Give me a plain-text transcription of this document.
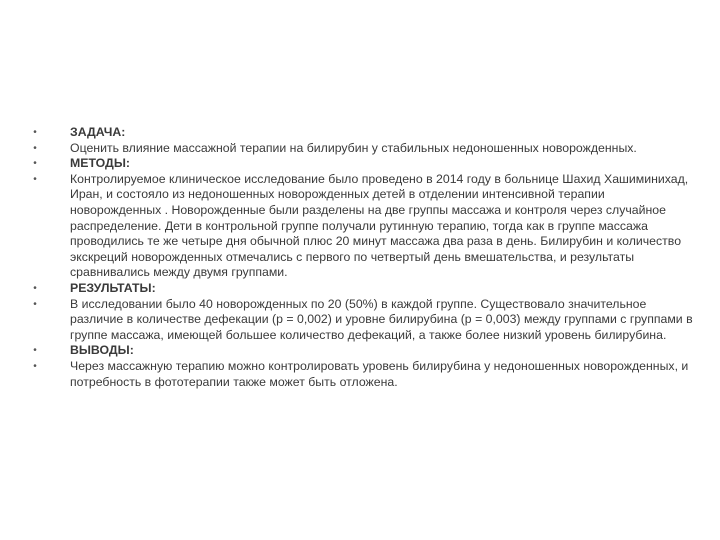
•	ЗАДАЧА:
•	Оценить влияние массажной терапии на билирубин у стабильных недоношенных новорожденных.
•	МЕТОДЫ:
•	Контролируемое клиническое исследование было проведено в 2014 году в больнице Шахид Хашиминихад, Иран, и состояло из недоношенных новорожденных детей в отделении интенсивной терапии новорожденных . Новорожденные были разделены на две группы массажа и контроля через случайное распределение. Дети в контрольной группе получали рутинную терапию, тогда как в группе массажа проводились те же четыре дня обычной плюс 20 минут массажа два раза в день. Билирубин и количество экскреций новорожденных отмечались с первого по четвертый день вмешательства, и результаты сравнивались между двумя группами.
•	РЕЗУЛЬТАТЫ:
•	В исследовании было 40 новорожденных по 20 (50%) в каждой группе. Существовало значительное различие в количестве дефекации (p = 0,002) и уровне билирубина (p = 0,003) между группами с группами в группе массажа, имеющей большее количество дефекаций, а также более низкий уровень билирубина.
•	ВЫВОДЫ:
•	Через массажную терапию можно контролировать уровень билирубина у недоношенных новорожденных, и потребность в фототерапии также может быть отложена.
